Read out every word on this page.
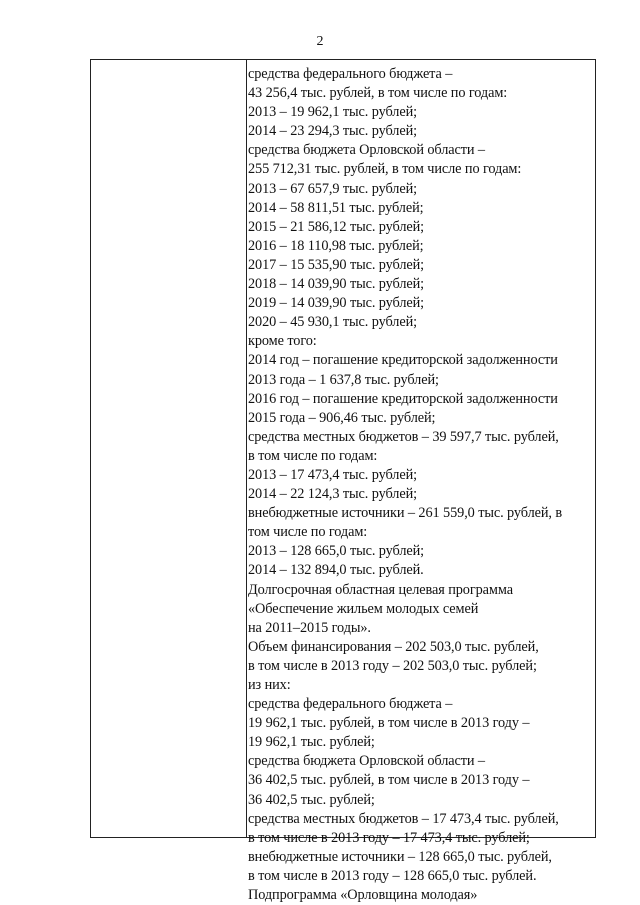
2
средства федерального бюджета –
43 256,4 тыс. рублей, в том числе по годам:
2013 – 19 962,1 тыс. рублей;
2014 – 23 294,3 тыс. рублей;
средства бюджета Орловской области –
255 712,31 тыс. рублей, в том числе по годам:
2013 – 67 657,9 тыс. рублей;
2014 – 58 811,51 тыс. рублей;
2015 – 21 586,12 тыс. рублей;
2016 – 18 110,98 тыс. рублей;
2017 – 15 535,90 тыс. рублей;
2018 – 14 039,90 тыс. рублей;
2019 – 14 039,90 тыс. рублей;
2020 – 45 930,1 тыс. рублей;
кроме того:
2014 год – погашение кредиторской задолженности
2013 года – 1 637,8 тыс. рублей;
2016 год – погашение кредиторской задолженности
2015 года – 906,46 тыс. рублей;
средства местных бюджетов – 39 597,7 тыс. рублей,
в том числе по годам:
2013 – 17 473,4 тыс. рублей;
2014 – 22 124,3 тыс. рублей;
внебюджетные источники – 261 559,0 тыс. рублей, в
том числе по годам:
2013 – 128 665,0 тыс. рублей;
2014 – 132 894,0 тыс. рублей.
Долгосрочная областная целевая программа
«Обеспечение жильем молодых семей
на 2011–2015 годы».
Объем финансирования – 202 503,0 тыс. рублей,
в том числе в 2013 году – 202 503,0 тыс. рублей;
из них:
средства федерального бюджета –
19 962,1 тыс. рублей, в том числе в 2013 году –
19 962,1 тыс. рублей;
средства бюджета Орловской области –
36 402,5 тыс. рублей, в том числе в 2013 году –
36 402,5 тыс. рублей;
средства местных бюджетов – 17 473,4 тыс. рублей,
в том числе в 2013 году – 17 473,4 тыс. рублей;
внебюджетные источники – 128 665,0 тыс. рублей,
в том числе в 2013 году – 128 665,0 тыс. рублей.
Подпрограмма «Орловщина молодая»
